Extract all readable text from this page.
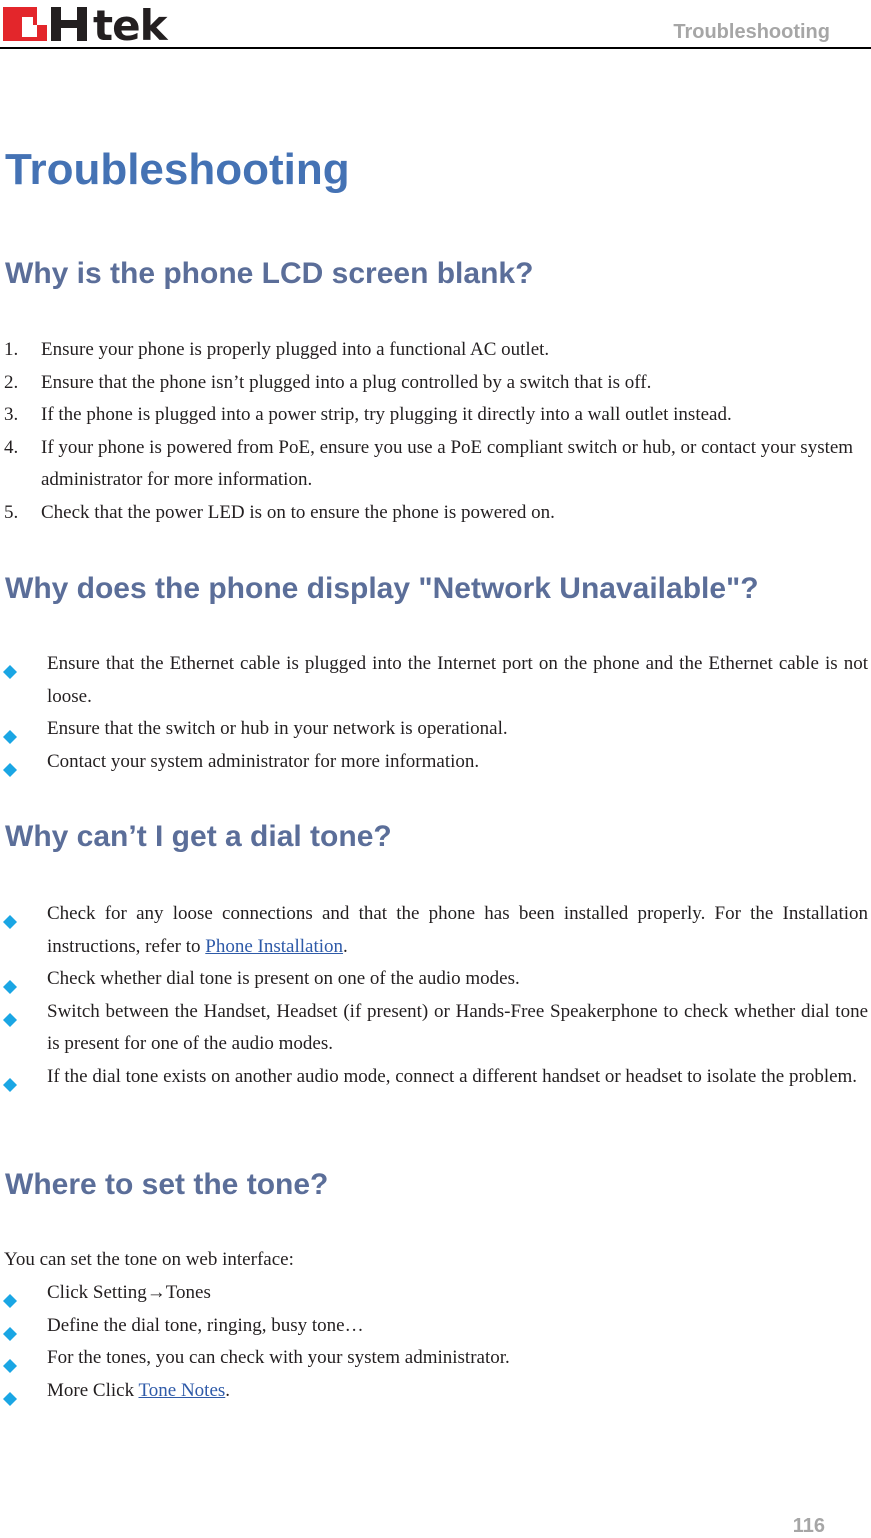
tek	Troubleshooting
Troubleshooting
Why is the phone LCD screen blank?
1. Ensure your phone is properly plugged into a functional AC outlet.
2. Ensure that the phone isn’t plugged into a plug controlled by a switch that is off.
3. If the phone is plugged into a power strip, try plugging it directly into a wall outlet instead.
4. If your phone is powered from PoE, ensure you use a PoE compliant switch or hub, or contact your system administrator for more information.
5. Check that the power LED is on to ensure the phone is powered on.
Why does the phone display "Network Unavailable"?
Ensure that the Ethernet cable is plugged into the Internet port on the phone and the Ethernet cable is not loose.
Ensure that the switch or hub in your network is operational.
Contact your system administrator for more information.
Why can’t I get a dial tone?
Check for any loose connections and that the phone has been installed properly. For the Installation instructions, refer to Phone Installation.
Check whether dial tone is present on one of the audio modes.
Switch between the Handset, Headset (if present) or Hands-Free Speakerphone to check whether dial tone is present for one of the audio modes.
If the dial tone exists on another audio mode, connect a different handset or headset to isolate the problem.
Where to set the tone?
You can set the tone on web interface:
Click Setting→Tones
Define the dial tone, ringing, busy tone…
For the tones, you can check with your system administrator.
More Click Tone Notes.
116
